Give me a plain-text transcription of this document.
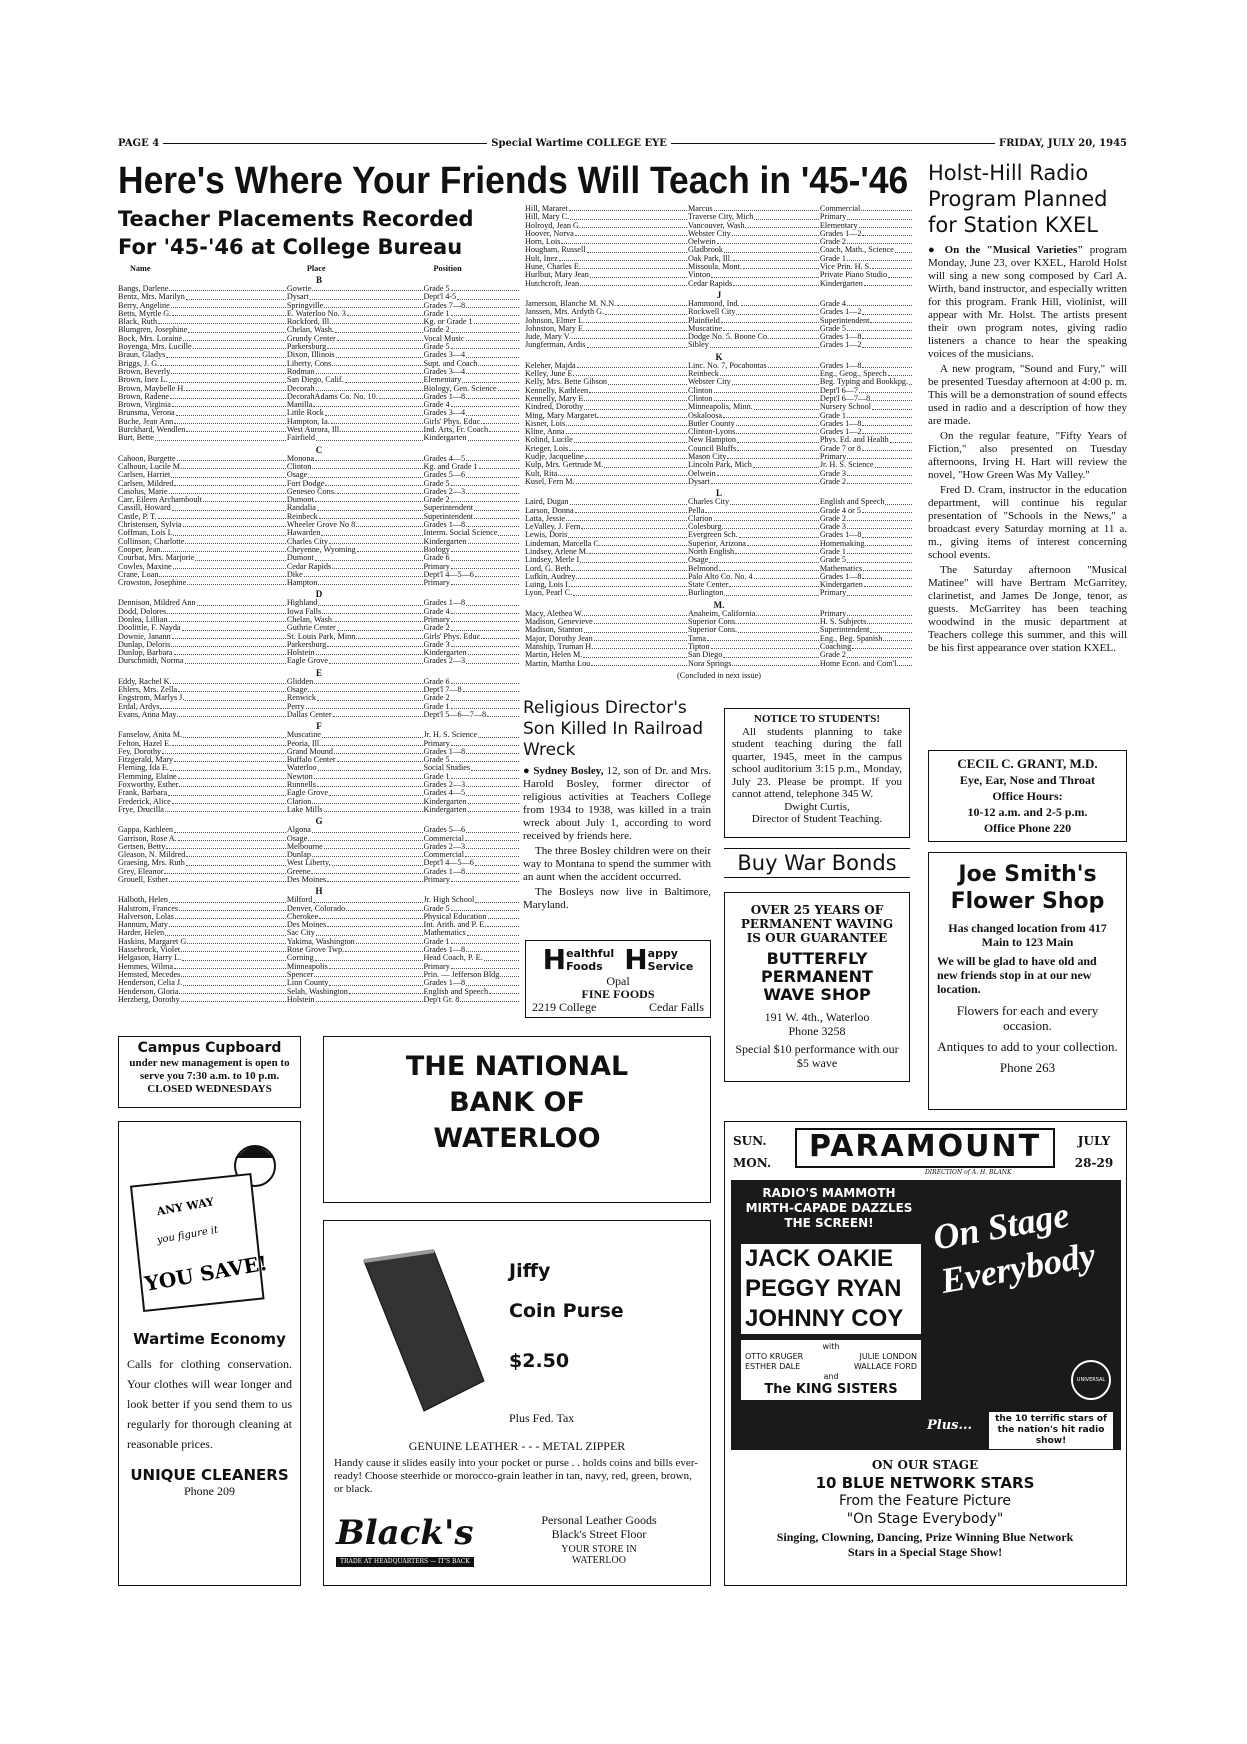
PAGE 4	Special Wartime COLLEGE EYE	FRIDAY, JULY 20, 1945
Here's Where Your Friends Will Teach in '45-'46
Teacher Placements Recorded
For '45-'46 at College Bureau
Name	Place	Position
B
Bangs, Darlene	Gowrie	Grade 5
Bentz, Mrs. Marilyn	Dysart	Dept'l 4-5
Berry, Angeline	Springville	Grades 7—8
Betts, Myrtle G.	E. Waterloo No. 3	Grade 1
Black, Ruth	Rockford, Ill.	Kg. or Grade 1
Blumgren, Josephine	Chelan, Wash.	Grade 2
Bock, Mrs. Loraine	Grundy Center	Vocal Music
Boyenga, Mrs. Lucille	Parkersburg	Grade 5
Braun, Gladys	Dixon, Illinois	Grades 3—4
Briggs, J. G.	Liberty, Cons.	Supt. and Coach
Brown, Beverly	Rodman	Grades 3—4
Brown, Inez L.	San Diego, Calif.	Elementary
Brown, Maybelle H.	Decorah	Biology, Gen. Science
Brown, Radene	DecorahAdams Co. No. 10.	Grades 1—8
Brown, Virginia	Manilla	Grade 4
Brunsma, Verona	Little Rock	Grades 3—4
Buche, Jean Ann	Hampton, Ia.	Girls' Phys. Educ.
Burckhard, Wendlen	West Aurora, Ill.	Ind. Arts, Fr. Coach
Burt, Bette	Fairfield	Kindergarten
C
Cahoon, Burgette	Monona	Grades 4—5
Calhoun, Lucile M.	Clinton	Kg. and Grade 1
Carlsen, Harriet	Osage	Grades 5—6
Carlsen, Mildred	Fort Dodge	Grade 5
Casolus, Marie	Geneseo Cons.	Grades 2—3
Carr, Eileen Archamboult	Dumont	Grade 2
Cassill, Howard	Randalia	Superintendent
Castle, P. T.	Reinbeck	Superintendent
Christensen, Sylvia	Wheeler Grove No 8	Grades 1—8
Coffman, Lois I.	Hawarden	Interm. Social Science
Collinson, Charlotte	Charles City	Kindergarten
Cooper, Jean	Cheyenne, Wyoming	Biology
Courbat, Mrs. Marjorie	Dumont	Grade 6
Cowles, Maxine	Cedar Rapids	Primary
Crane, Loan	Dike	Dept'l 4—5—6
Crowston, Josephine	Hampton	Primary
D
Dennison, Mildred Ann	Highland	Grades 1—8
Dodd, Dolores	Iowa Falls	Grade 4
Donlea, Lillian	Chelan, Wash.	Primary
Doolittle, F. Nayda	Guthrie Center	Grade 2
Downie, Janann	St. Louis Park, Minn.	Girls' Phys. Educ.
Dunlap, Deloris	Parkersburg	Grade 3
Dunlop, Barbara	Holstein	Kindergarten
Durschmidt, Norma	Eagle Grove	Grades 2—3
E
Eddy, Rachel K.	Glidden	Grade 6
Ehlers, Mrs. Zella	Osage	Dept'l 7—8
Engstrom, Marlys J.	Renwick	Grade 2
Erdal, Ardys	Perry	Grade 1
Evans, Anna May	Dallas Center	Dept'l 5—6—7—8
F
Fanselow, Anita M.	Muscatine	Jr. H. S. Science
Felton, Hazel E.	Peoria, Ill.	Primary
Fey, Dorothy	Grand Mound	Grades 1—8
Fitzgerald, Mary	Buffalo Center	Grade 5
Fleming, Ida E.	Waterloo	Social Studies
Flemming, Elaine	Newton	Grade 1
Foxworthy, Esther	Runnells	Grades 2—3
Frank, Barbara	Eagle Grove	Grades 4—5
Frederick, Alice	Clarion	Kindergarten
Frye, Drucilla	Lake Mills	Kindergarten
G
Gappa, Kathleen	Algona	Grades 5—6
Garrison, Rose A.	Osage	Commercial
Gertsen, Betty	Melbourne	Grades 2—3
Gleason, N. Mildred	Dunlap	Commercial
Graesing, Mrs. Ruth	West Liberty,	Dept'l 4—5—6
Grey, Eleanor	Greene	Grades 1—8
Grouell, Esther	Des Moines	Primary
H
Halboth, Helen	Milford	Jr. High School
Halstrom, Frances	Denver, Colorado	Grade 5
Halverson, Lolas	Cherokee	Physical Education
Hannum, Mary	Des Moines	Int. Arith. and P. E.
Harder, Helen	Sac City	Mathematics
Haskins, Margaret G.	Yakima, Washington	Grade 1
Hassebrock, Violet	Rose Grove Twp.	Grades 1—8
Helgason, Harry L.	Corning	Head Coach, P. E.
Hemmes, Wilma	Minneapolis	Primary
Hemsted, Mecedes	Spencer	Prin. — Jefferson Bldg.
Henderson, Celia J.	Linn County	Grades 1—8
Henderson, Gloria	Selah, Washington	English and Speech
Herzberg, Dorothy	Holstein	Dep't Gr. 8
Hill, Mararet	Marcus	Commercial
Hill, Mary C.	Traverse City, Mich	Primary
Holroyd, Jean G.	Vancouver, Wash.	Elementary
Hoover, Norva	Webster City	Grades 1—2
Horn, Lois	Oelwein	Grade 2
Hougham, Russell	Gladbrook	Coach, Math., Science
Hult, Inez	Oak Park, Ill.	Grade 1
Hune, Charles E.	Missoula, Mont.	Vice Prin. H. S.
Hurlbut, Mary Jean	Vinton	Private Piano Studio
Hutchcroft, Jean	Cedar Rapids	Kindergarten
J
Jamerson, Blanche M. N.N.	Hammond, Ind.	Grade 4
Janssen, Mrs. Ardyth G.	Rockwell City	Grades 1—2
Johnson, Elmer L.	Plainfield	Superintendent
Johnston, Mary E.	Muscatine	Grade 5
Jude, Mary V.	Dodge No. 5. Boone Co.	Grades 1—8
Jungferman, Ardis	Sibley	Grades 1—2
K
Keleher, Majda	Linc. No. 7, Pocahontas	Grades 1—8
Kelley, June E.	Reinbeck	Eng., Geog., Speech
Kelly, Mrs. Bette Gibson	Webster City	Beg. Typing and Bookkpg.
Kennelly, Kathleen	Clinton	Dept'l 6—7
Kennelly, Mary E.	Clinton	Dept'l 6—7—8
Kindred, Dorothy	Minneapolis, Minn.	Nursery School
Ming, Mary Margaret	Oskaloosa	Grade 1
Kisner, Lois	Butler County	Grades 1—8
Kline, Anna	Clinton-Lyons	Grades 1—2
Kolind, Lucile	New Hampton	Phys. Ed. and Health
Krieger, Lois	Council Bluffs	Grade 7 or 8
Kudje, Jacqueline	Mason City	Primary
Kulp, Mrs. Gertrude M.	Lincoln Park, Mich	Jr. H. S. Science
Kult, Rita	Oelwein	Grade 3
Kusel, Fern M.	Dysart	Grade 2
L
Laird, Dugan	Charles City	English and Speech
Larson, Donna	Pella	Grade 4 or 5
Latta, Jessie	Clarion	Grade 2
LeValley, J. Fern	Colesburg	Grade 3
Lewis, Doris	Evergreen Sch.	Grades 1—8
Lindeman, Marcella C.	Superior, Arizona	Homemaking
Lindsey, Arlene M.	North English	Grade 1
Lindsey, Merle I	Osage	Grade 5
Lord, G. Beth	Belmond	Mathematics
Lufkin, Audrey	Palo Alto Co. No. 4	Grades 1—8
Luing, Lois I.	State Center	Kindergarten
Lyon, Pearl C.	Burlington	Primary
M.
Macy, Alethea W.	Anaheim, California	Primary
Madison, Genevieve	Superior Cons.	H. S. Subjects
Madison, Stanton	Superior Cons.	Superintendent
Major, Dorothy Jean	Tama	Eng., Beg. Spanish
Manship, Truman H.	Tipton	Coaching
Martin, Helen M.	San Diego	Grade 2
Martin, Martha Lou	Nora Springs	Home Econ. and Com'l.
(Concluded in next issue)
Holst-Hill Radio Program Planned for Station KXEL

● On the "Musical Varieties" program Monday, June 23, over KXEL, Harold Holst will sing a new song composed by Carl A. Wirth, band instructor, and especially written for this program. Frank Hill, violinist, will appear with Mr. Holst. The artists present their own program notes, giving radio listeners a chance to hear the speaking voices of the musicians.

A new program, "Sound and Fury," will be presented Tuesday afternoon at 4:00 p. m. This will be a demonstration of sound effects used in radio and a description of how they are made.

On the regular feature, "Fifty Years of Fiction," also presented on Tuesday afternoons, Irving H. Hart will review the novel, "How Green Was My Valley."

Fred D. Cram, instructor in the education department, will continue his regular presentation of "Schools in the News," a broadcast every Saturday morning at 11 a. m., giving items of interest concerning school events.

The Saturday afternoon "Musical Matinee" will have Bertram McGarritey, clarinetist, and James De Jonge, tenor, as guests. McGarritey has been teaching woodwind in the music department at Teachers college this summer, and this will be his first appearance over station KXEL.

CECIL C. GRANT, M.D.
Eye, Ear, Nose and Throat
Office Hours:
10-12 a.m. and 2-5 p.m.
Office Phone 220
Joe Smith's Flower Shop
Has changed location from 417 Main to 123 Main
We will be glad to have old and new friends stop in at our new location.
Flowers for each and every occasion.
Antiques to add to your collection.
Phone 263
Religious Director's Son Killed In Railroad Wreck

● Sydney Bosley, 12, son of Dr. and Mrs. Harold Bosley, former director of religious activities at Teachers College from 1934 to 1938, was killed in a train wreck about July 1, according to word received by friends here.

The three Bosley children were on their way to Montana to spend the summer with an aunt when the accident occurred.

The Bosleys now live in Baltimore, Maryland.

H ealthful
Foods H appy
Service
Opal
FINE FOODS
2219 College	Cedar Falls
NOTICE TO STUDENTS!
All students planning to take student teaching during the fall quarter, 1945, meet in the campus school auditorium 3:15 p.m., Monday, July 23. Please be prompt. If you cannot attend, telephone 345 W.
Dwight Curtis,
Director of Student Teaching.
Buy War Bonds
OVER 25 YEARS OF PERMANENT WAVING IS OUR GUARANTEE
BUTTERFLY PERMANENT WAVE SHOP
191 W. 4th., Waterloo
Phone 3258
Special $10 performance with our $5 wave
Campus Cupboard
under new management is open to serve you 7:30 a.m. to 10 p.m.
CLOSED WEDNESDAYS
THE NATIONAL BANK OF WATERLOO
ANY WAY
you figure it
YOU SAVE!
Wartime Economy
Calls for clothing conservation. Your clothes will wear longer and look better if you send them to us regularly for thorough cleaning at reasonable prices.
UNIQUE CLEANERS
Phone 209
Jiffy
Coin Purse
$2.50
Plus Fed. Tax
GENUINE LEATHER - - - METAL ZIPPER
Handy cause it slides easily into your pocket or purse . . holds coins and bills ever-ready! Choose steerhide or morocco-grain leather in tan, navy, red, green, brown, or black.
Black's
TRADE AT HEADQUARTERS — IT'S BACK
Personal Leather Goods
Black's Street Floor
YOUR STORE IN WATERLOO
SUN.
MON.	PARAMOUNT
DIRECTION of A. H. BLANK
JULY
28-29
RADIO'S MAMMOTH MIRTH-CAPADE DAZZLES THE SCREEN!
JACK OAKIE
PEGGY RYAN
JOHNNY COY
with
OTTO KRUGER	JULIE LONDON
ESTHER DALE	WALLACE FORD
and
The KING SISTERS
On Stage Everybody
UNIVERSAL
Plus...	the 10 terrific stars of the nation's hit radio show!
ON OUR STAGE
10 BLUE NETWORK STARS
From the Feature Picture
"On Stage Everybody"
Singing, Clowning, Dancing, Prize Winning Blue Network Stars in a Special Stage Show!
